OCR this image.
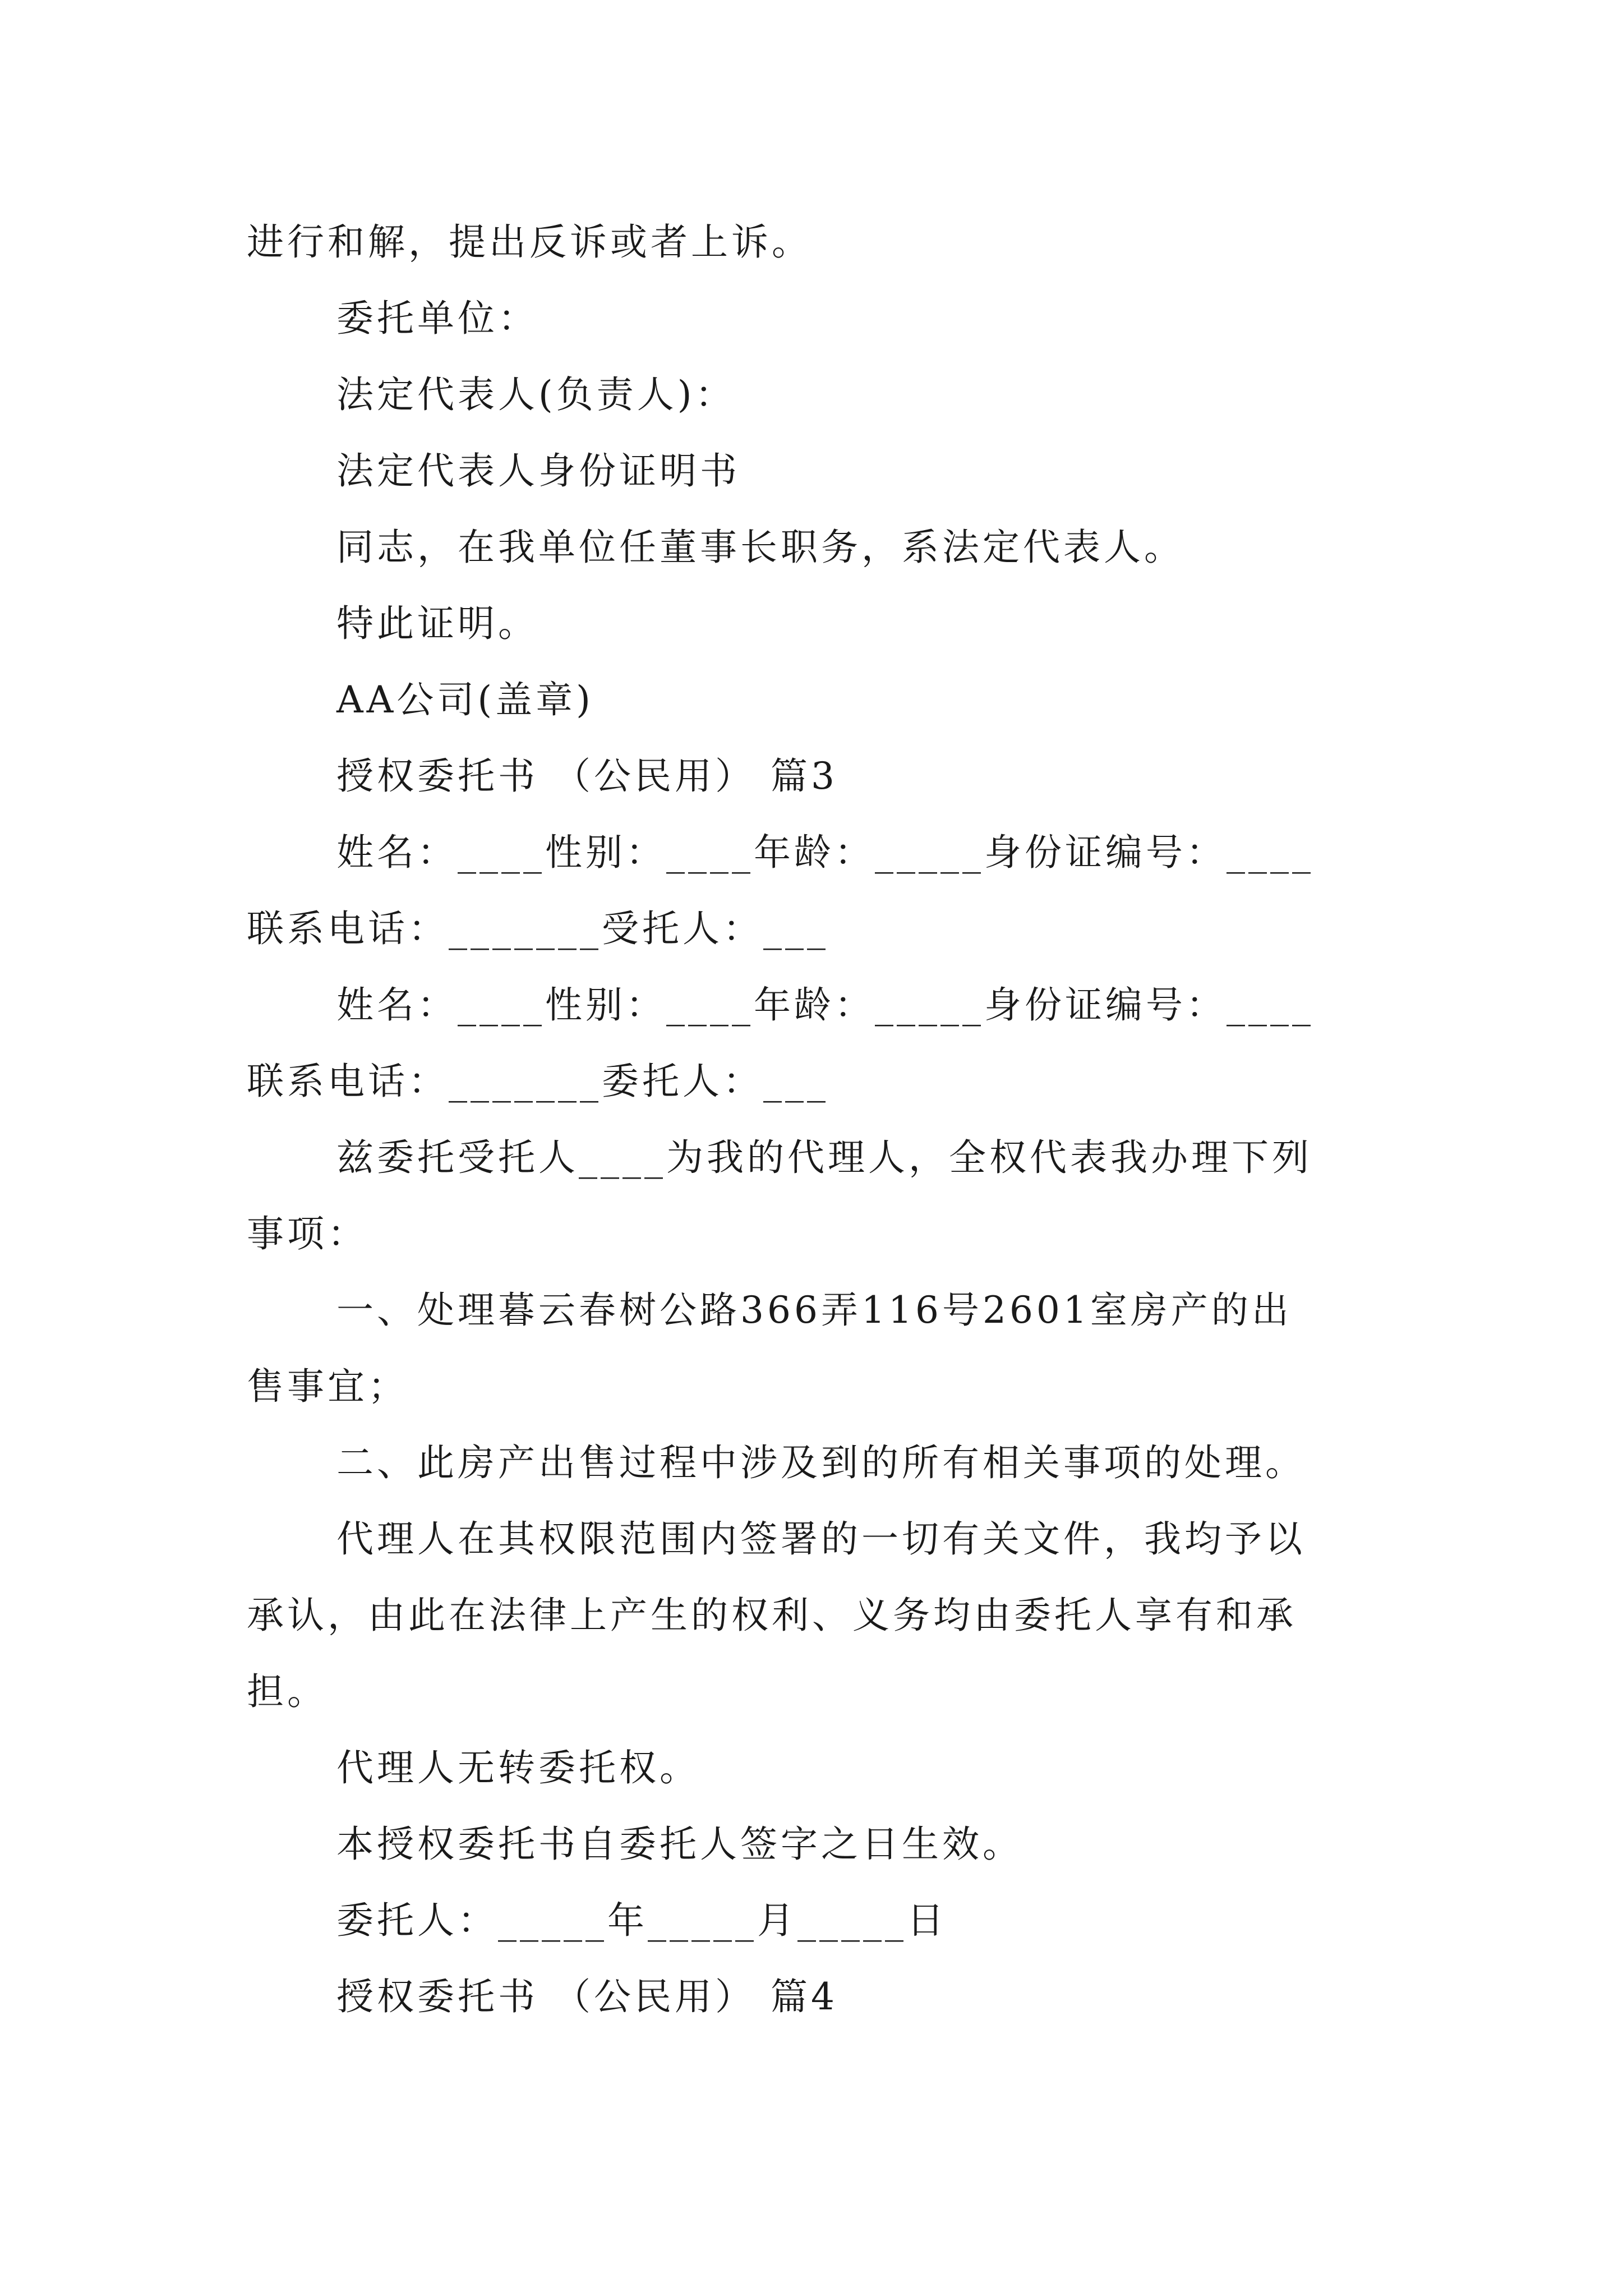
进行和解，提出反诉或者上诉。
委托单位：
法定代表人(负责人)：
法定代表人身份证明书
同志，在我单位任董事长职务，系法定代表人。
特此证明。
AA公司(盖章)
授权委托书 （公民用） 篇3
姓名：____性别：____年龄：_____身份证编号：____
联系电话：_______受托人：___
姓名：____性别：____年龄：_____身份证编号：____
联系电话：_______委托人：___
兹委托受托人____为我的代理人，全权代表我办理下列
事项：
一、处理暮云春树公路366弄116号2601室房产的出
售事宜；
二、此房产出售过程中涉及到的所有相关事项的处理。
代理人在其权限范围内签署的一切有关文件，我均予以
承认，由此在法律上产生的权利、义务均由委托人享有和承
担。
代理人无转委托权。
本授权委托书自委托人签字之日生效。
委托人：_____年_____月_____日
授权委托书 （公民用） 篇4
